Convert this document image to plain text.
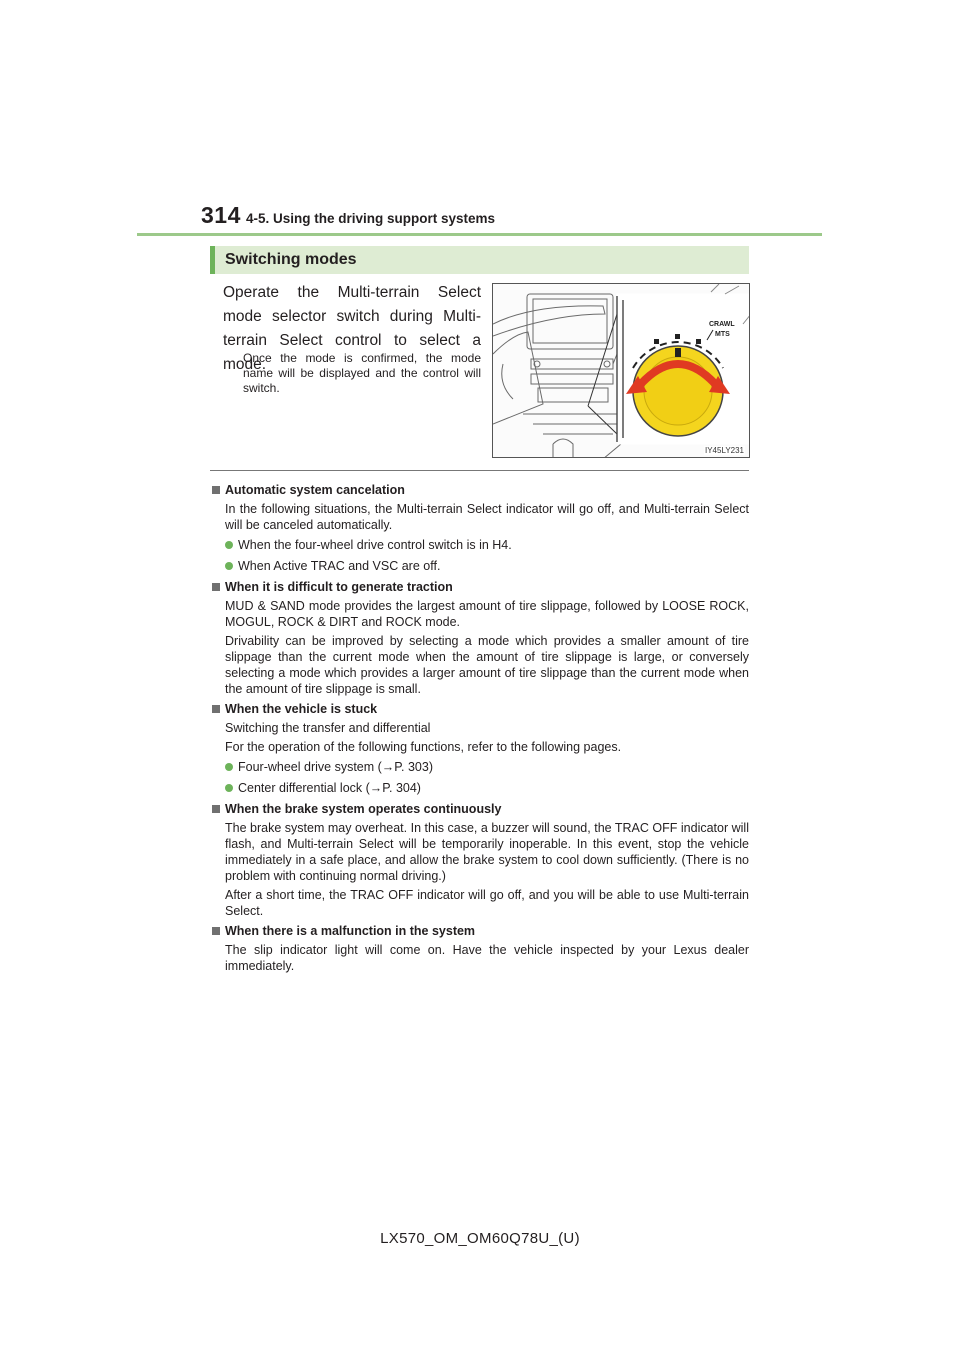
314 4-5. Using the driving support systems
Switching modes
Operate the Multi-terrain Select mode selector switch during Multi-terrain Select control to select a mode.
Once the mode is confirmed, the mode name will be displayed and the control will switch.
CRAWL
MTS
IY45LY231
Automatic system cancelation
In the following situations, the Multi-terrain Select indicator will go off, and Multi-terrain Select will be canceled automatically.
When the four-wheel drive control switch is in H4.
When Active TRAC and VSC are off.
When it is difficult to generate traction
MUD & SAND mode provides the largest amount of tire slippage, followed by LOOSE ROCK, MOGUL, ROCK & DIRT and ROCK mode.
Drivability can be improved by selecting a mode which provides a smaller amount of tire slippage than the current mode when the amount of tire slippage is large, or conversely selecting a mode which provides a larger amount of tire slippage than the current mode when the amount of tire slippage is small.
When the vehicle is stuck
Switching the transfer and differential
For the operation of the following functions, refer to the following pages.
Four-wheel drive system (→P. 303)
Center differential lock (→P. 304)
When the brake system operates continuously
The brake system may overheat. In this case, a buzzer will sound, the TRAC OFF indicator will flash, and Multi-terrain Select will be temporarily inoperable. In this event, stop the vehicle immediately in a safe place, and allow the brake system to cool down sufficiently. (There is no problem with continuing normal driving.)
After a short time, the TRAC OFF indicator will go off, and you will be able to use Multi-terrain Select.
When there is a malfunction in the system
The slip indicator light will come on. Have the vehicle inspected by your Lexus dealer immediately.
LX570_OM_OM60Q78U_(U)
